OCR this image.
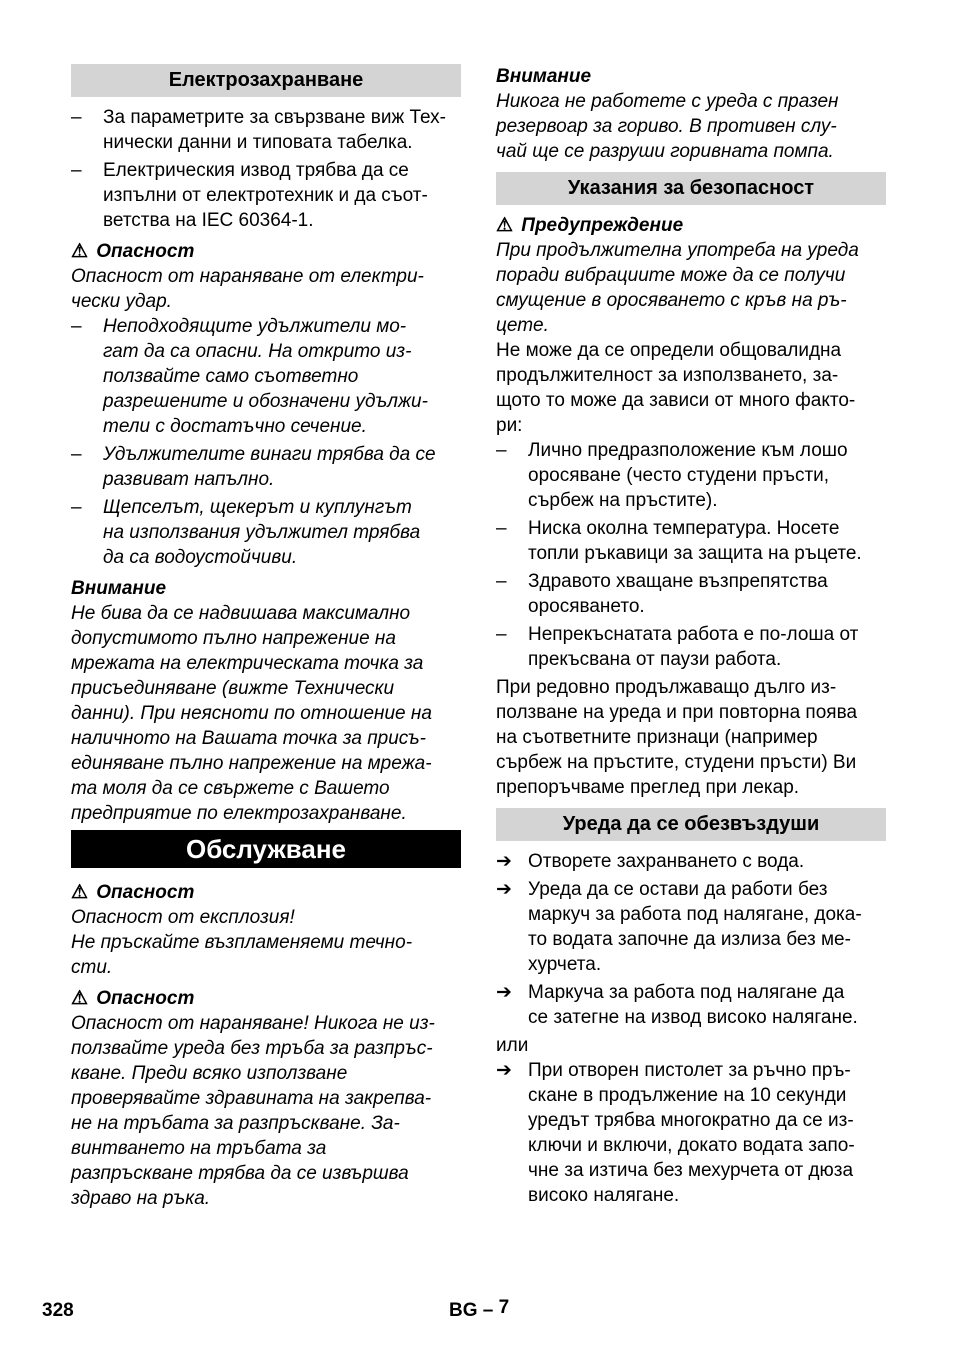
Електрозахранване
– За параметрите за свързване виж Тех-
нически данни и типовата табелка.
– Електрическия извод трябва да се
изпълни от електротехник и да съот-
ветства на IEC 60364-1.
⚠ Опасност

Опасност от нараняване от електри-
чески удар.

– Неподходящите удължители мо-
гат да са опасни. На открито из-
ползвайте само съответно
разрешените и обозначени удължи-
тели с достатъчно сечение.
– Удължителите винаги трябва да се
развиват напълно.
– Щепселът, щекерът и куплунгът
на използвания удължител трябва
да са водоустойчиви.
Внимание

Не бива да се надвишава максимално
допустимото пълно напрежение на
мрежата на електрическата точка за
присъединяване (вижте Технически
данни). При неясноти по отношение на
наличното на Вашата точка за присъ-
единяване пълно напрежение на мрежа-
та моля да се свържете с Вашето
предприятие по електрозахранване.

Обслужване
⚠ Опасност

Опасност от експлозия!
Не пръскайте възпламеняеми течно-
сти.

⚠ Опасност

Опасност от нараняване! Никога не из-
ползвайте уреда без тръба за разпръс-
кване. Преди всяко използване
проверявайте здравината на закрепва-
не на тръбата за разпръскване. За-
винтването на тръбата за
разпръскване трябва да се извършва
здраво на ръка.

Внимание

Никога не работете с уреда с празен
резервоар за гориво. В противен слу-
чай ще се разруши горивната помпа.

Указания за безопасност
⚠ Предупреждение

При продължителна употреба на уреда
поради вибрациите може да се получи
смущение в оросяването с кръв на ръ-
цете.

Не може да се определи общовалидна
продължителност за използването, за-
щото то може да зависи от много факто-
ри:

– Лично предразположение към лошо
оросяване (често студени пръсти,
сърбеж на пръстите).
– Ниска околна температура. Носете
топли ръкавици за защита на ръцете.
– Здравото хващане възпрепятства
оросяването.
– Непрекъснатата работа е по-лоша от
прекъсвана от паузи работа.

При редовно продължаващо дълго из-
ползване на уреда и при повторна поява
на съответните признаци (например
сърбеж на пръстите, студени пръсти) Ви
препоръчваме преглед при лекар.

Уреда да се обезвъздуши
➔ Отворете захранването с вода.
➔ Уреда да се остави да работи без
маркуч за работа под налягане, дока-
то водата започне да излиза без ме-
хурчета.
➔ Маркуча за работа под налягане да
се затегне на извод високо налягане.

или

➔ При отворен пистолет за ръчно пръ-
скане в продължение на 10 секунди
уредът трябва многократно да се из-
ключи и включи, докато водата запо-
чне за изтича без мехурчета от дюза
високо налягане.
328	BG – 7
